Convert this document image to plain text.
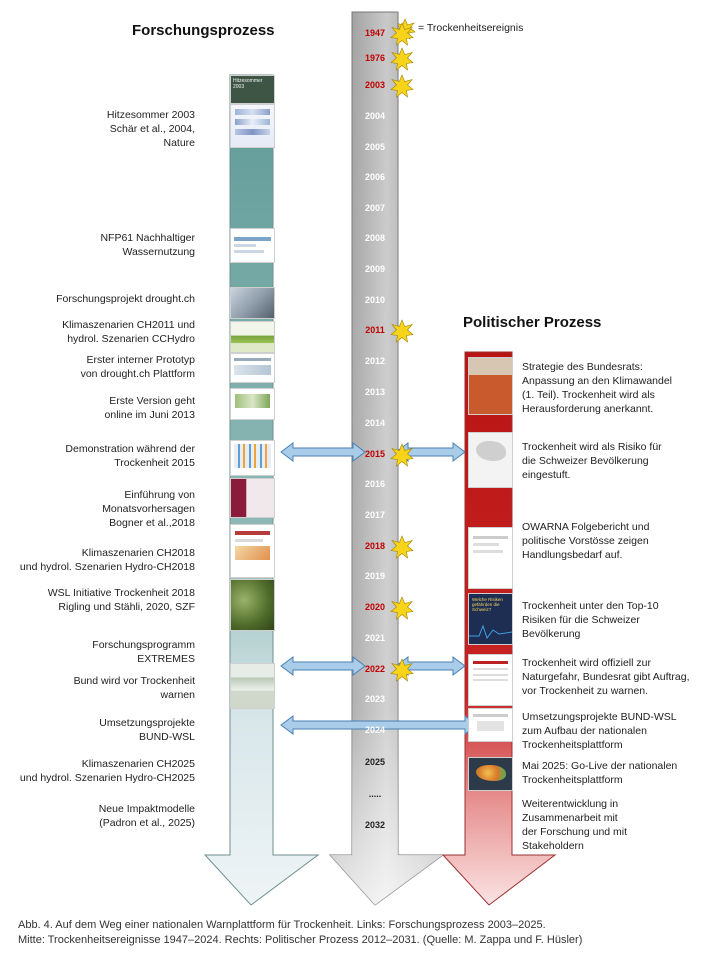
Forschungsprozess
Politischer Prozess
= Trockenheitsereignis
1947
1976
2003
2004
2005
2006
2007
2008
2009
2010
2011
2012
2013
2014
2015
2016
2017
2018
2019
2020
2021
2022
2023
2024
2025
.....
2032
Hitzesommer 2003
Schär et al., 2004,
Nature
NFP61 Nachhaltiger
Wassernutzung
Forschungsprojekt drought.ch
Klimaszenarien CH2011 und
hydrol. Szenarien CCHydro
Erster interner Prototyp
von drought.ch Plattform
Erste Version geht
online im Juni 2013
Demonstration während der
Trockenheit 2015
Einführung von
Monatsvorhersagen
Bogner et al.,2018
Klimaszenarien CH2018
und hydrol. Szenarien Hydro-CH2018
WSL Initiative Trockenheit 2018
Rigling und Stähli, 2020, SZF
Forschungsprogramm
EXTREMES
Bund wird vor Trockenheit
warnen
Umsetzungsprojekte
BUND-WSL
Klimaszenarien CH2025
und hydrol. Szenarien Hydro-CH2025
Neue Impaktmodelle
(Padron et al., 2025)
Strategie des Bundesrats:
Anpassung an den Klimawandel
(1. Teil). Trockenheit wird als
Herausforderung anerkannt.
Trockenheit wird als Risiko für
die Schweizer Bevölkerung
eingestuft.
OWARNA Folgebericht und
politische Vorstösse zeigen
Handlungsbedarf auf.
Trockenheit unter den Top-10
Risiken für die Schweizer
Bevölkerung
Trockenheit wird offiziell zur
Naturgefahr, Bundesrat gibt Auftrag,
vor Trockenheit zu warnen.
Umsetzungsprojekte BUND-WSL
zum Aufbau der nationalen
Trockenheitsplattform
Mai 2025: Go-Live der nationalen
Trockenheitsplattform
Weiterentwicklung in
Zusammenarbeit mit
der Forschung und mit
Stakeholdern
Hitzesommer
2003
Welche Risiken gefährden die Schweiz?
Abb. 4. Auf dem Weg einer nationalen Warnplattform für Trockenheit. Links: Forschungsprozess 2003–2025.
Mitte: Trockenheitsereignisse 1947–2024. Rechts: Politischer Prozess 2012–2031. (Quelle: M. Zappa und F. Hüsler)
